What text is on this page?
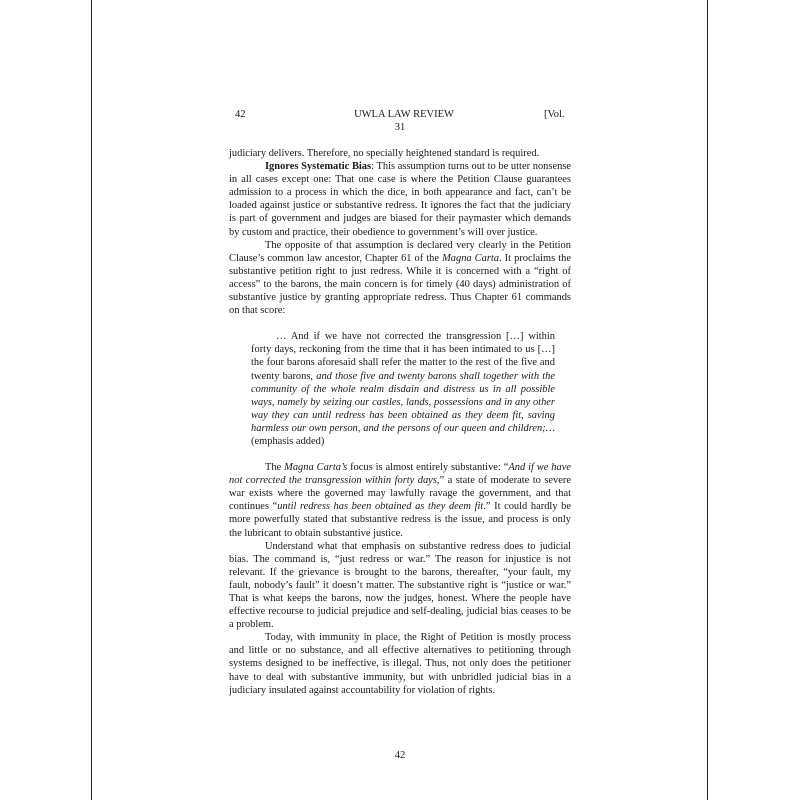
42	UWLA LAW REVIEW	[Vol.
31

judiciary delivers. Therefore, no specially heightened standard is required.

Ignores Systematic Bias: This assumption turns out to be utter nonsense in all cases except one: That one case is where the Petition Clause guarantees admission to a process in which the dice, in both appearance and fact, can’t be loaded against justice or substantive redress. It ignores the fact that the judiciary is part of government and judges are biased for their paymaster which demands by custom and practice, their obedience to government’s will over justice.

The opposite of that assumption is declared very clearly in the Petition Clause’s common law ancestor, Chapter 61 of the Magna Carta. It proclaims the substantive petition right to just redress. While it is concerned with a “right of access” to the barons, the main concern is for timely (40 days) administration of substantive justice by granting appropriate redress. Thus Chapter 61 commands on that score:

… And if we have not corrected the transgression […] within forty days, reckoning from the time that it has been intimated to us […] the four barons aforesaid shall refer the matter to the rest of the five and twenty barons, and those five and twenty barons shall together with the community of the whole realm disdain and distress us in all possible ways, namely by seizing our castles, lands, possessions and in any other way they can until redress has been obtained as they deem fit, saving harmless our own person, and the persons of our queen and children;… (emphasis added)

The Magna Carta’s focus is almost entirely substantive: “And if we have not corrected the transgression within forty days,” a state of moderate to severe war exists where the governed may lawfully ravage the government, and that continues “until redress has been obtained as they deem fit.” It could hardly be more powerfully stated that substantive redress is the issue, and process is only the lubricant to obtain substantive justice.

Understand what that emphasis on substantive redress does to judicial bias. The command is, “just redress or war.” The reason for injustice is not relevant. If the grievance is brought to the barons, thereafter, “your fault, my fault, nobody’s fault” it doesn’t matter. The substantive right is “justice or war.” That is what keeps the barons, now the judges, honest. Where the people have effective recourse to judicial prejudice and self-dealing, judicial bias ceases to be a problem.

Today, with immunity in place, the Right of Petition is mostly process and little or no substance, and all effective alternatives to petitioning through systems designed to be ineffective, is illegal. Thus, not only does the petitioner have to deal with substantive immunity, but with unbridled judicial bias in a judiciary insulated against accountability for violation of rights.

42
